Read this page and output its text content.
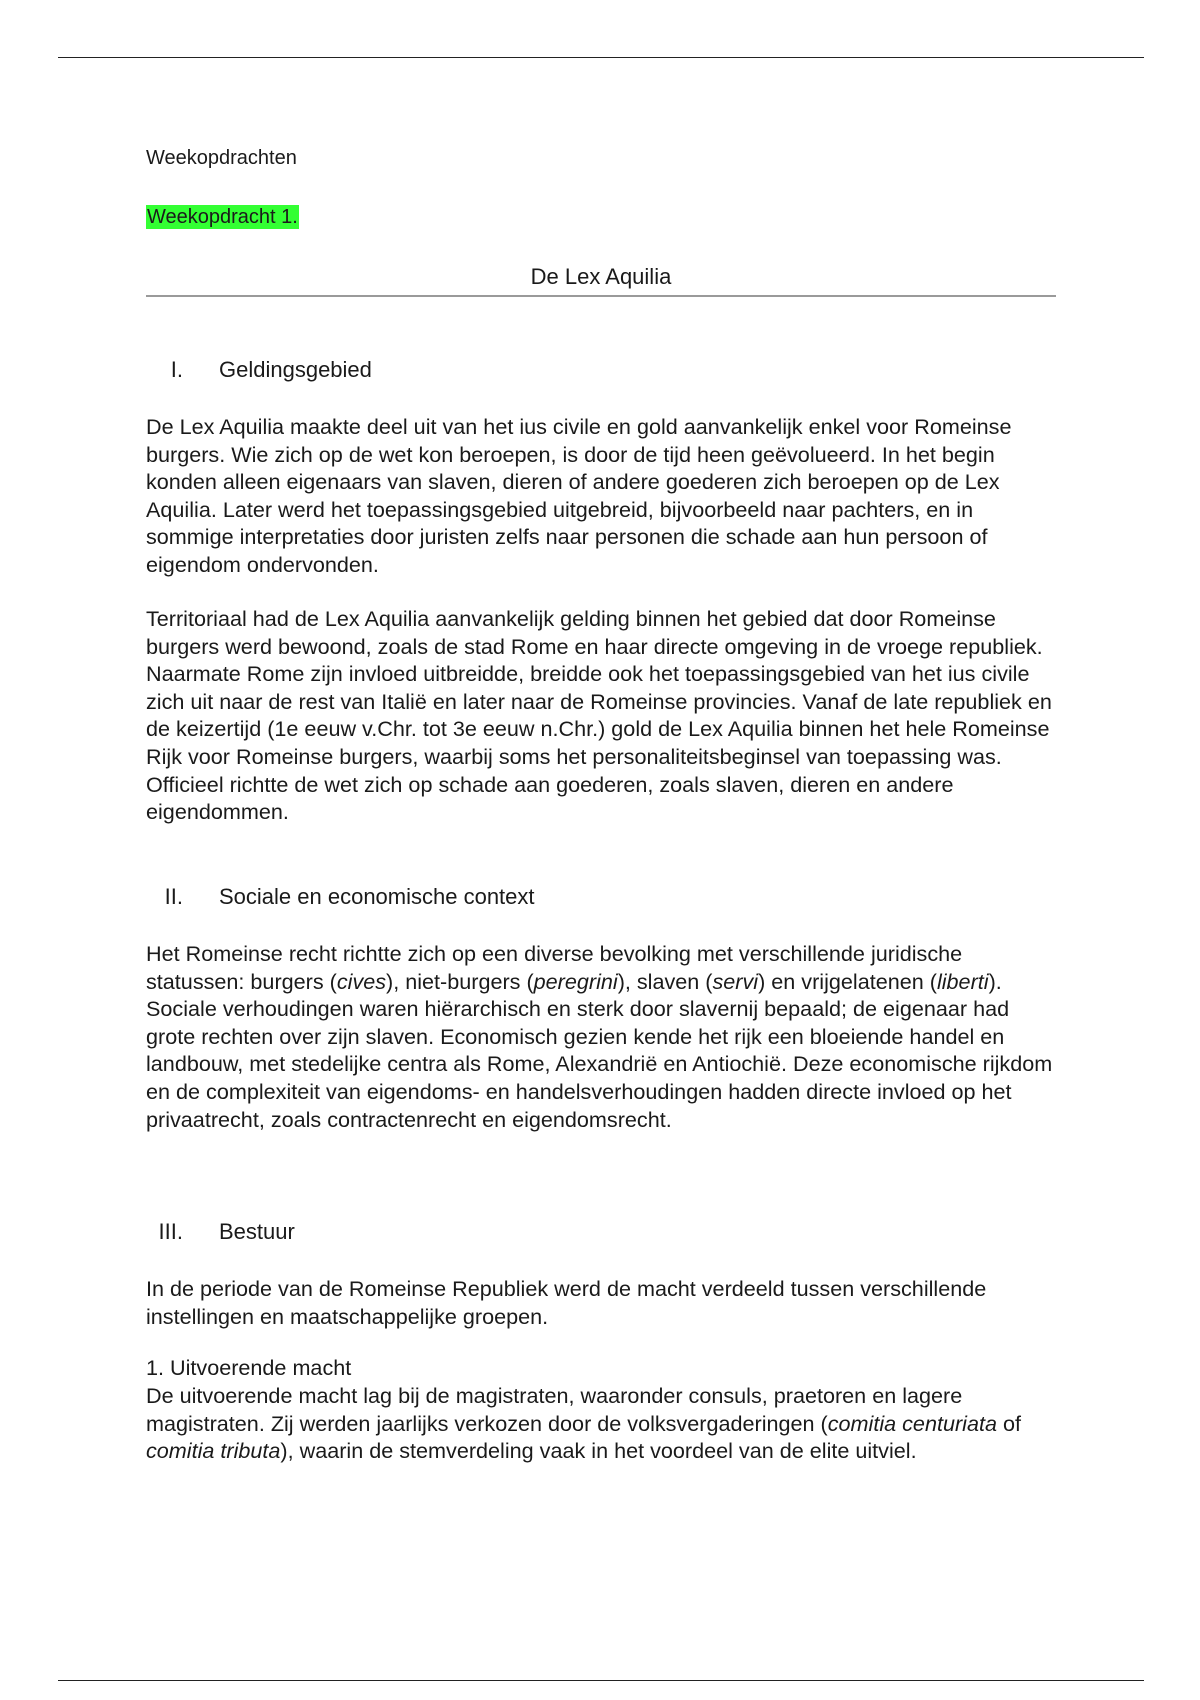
Weekopdrachten
Weekopdracht 1.
De Lex Aquilia
I. Geldingsgebied

De Lex Aquilia maakte deel uit van het ius civile en gold aanvankelijk enkel voor Romeinse burgers. Wie zich op de wet kon beroepen, is door de tijd heen geëvolueerd. In het begin konden alleen eigenaars van slaven, dieren of andere goederen zich beroepen op de Lex Aquilia. Later werd het toepassingsgebied uitgebreid, bijvoorbeeld naar pachters, en in sommige interpretaties door juristen zelfs naar personen die schade aan hun persoon of eigendom ondervonden.

Territoriaal had de Lex Aquilia aanvankelijk gelding binnen het gebied dat door Romeinse burgers werd bewoond, zoals de stad Rome en haar directe omgeving in de vroege republiek. Naarmate Rome zijn invloed uitbreidde, breidde ook het toepassingsgebied van het ius civile zich uit naar de rest van Italië en later naar de Romeinse provincies. Vanaf de late republiek en de keizertijd (1e eeuw v.Chr. tot 3e eeuw n.Chr.) gold de Lex Aquilia binnen het hele Romeinse Rijk voor Romeinse burgers, waarbij soms het personaliteitsbeginsel van toepassing was. Officieel richtte de wet zich op schade aan goederen, zoals slaven, dieren en andere eigendommen.

II. Sociale en economische context

Het Romeinse recht richtte zich op een diverse bevolking met verschillende juridische statussen: burgers (cives), niet-burgers (peregrini), slaven (servi) en vrijgelatenen (liberti). Sociale verhoudingen waren hiërarchisch en sterk door slavernij bepaald; de eigenaar had grote rechten over zijn slaven. Economisch gezien kende het rijk een bloeiende handel en landbouw, met stedelijke centra als Rome, Alexandrië en Antiochië. Deze economische rijkdom en de complexiteit van eigendoms- en handelsverhoudingen hadden directe invloed op het privaatrecht, zoals contractenrecht en eigendomsrecht.

III. Bestuur

In de periode van de Romeinse Republiek werd de macht verdeeld tussen verschillende instellingen en maatschappelijke groepen.

1. Uitvoerende macht

De uitvoerende macht lag bij de magistraten, waaronder consuls, praetoren en lagere magistraten. Zij werden jaarlijks verkozen door de volksvergaderingen (comitia centuriata of comitia tributa), waarin de stemverdeling vaak in het voordeel van de elite uitviel.
